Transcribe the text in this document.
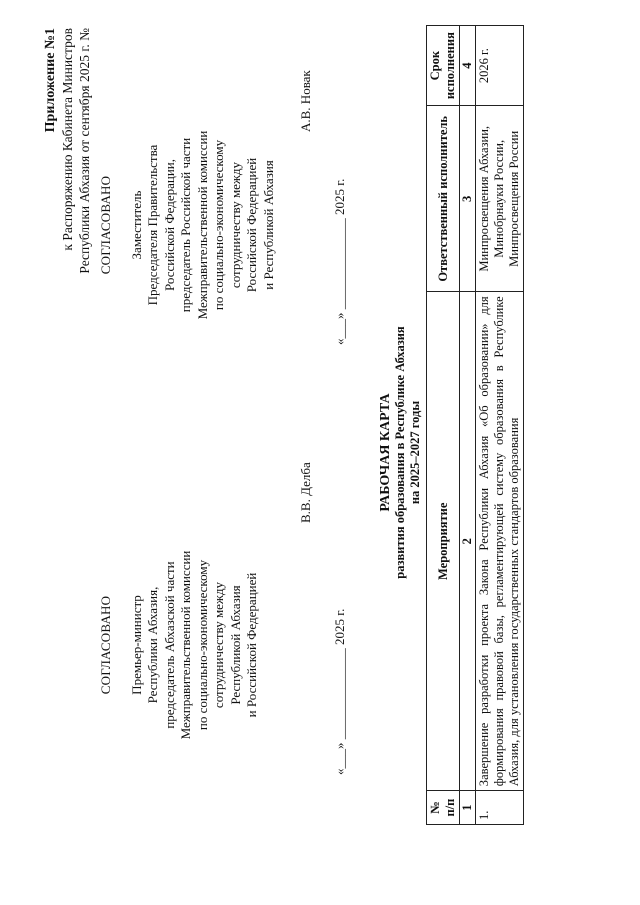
Приложение №1 к Распоряжению Кабинета Министров Республики Абхазия от сентября 2025 г. №
СОГЛАСОВАНО Премьер-министр Республики Абхазия, председатель Абхазской части Межправительственной комиссии по социально-экономическому сотрудничеству между Республикой Абхазия и Российской Федерацией
В.В. Делба
«___» ______________ 2025 г.
СОГЛАСОВАНО Заместитель Председателя Правительства Российской Федерации, председатель Российской части Межправительственной комиссии по социально-экономическому сотрудничеству между Российской Федерацией и Республикой Абхазия
А.В. Новак
«___» ______________ 2025 г.
РАБОЧАЯ КАРТА развития образования в Республике Абхазия на 2025–2027 годы
№ п/п	Мероприятие	Ответственный исполнитель	Срок исполнения
1	2	3	4
1.	Завершение разработки проекта Закона Республики Абхазия «Об образовании» для формирования правовой базы, регламентирующей систему образования в Республике Абхазия, для установления государственных стандартов образования	Минпросвещения Абхазии, Минобрнауки России, Минпросвещения России	2026 г.
